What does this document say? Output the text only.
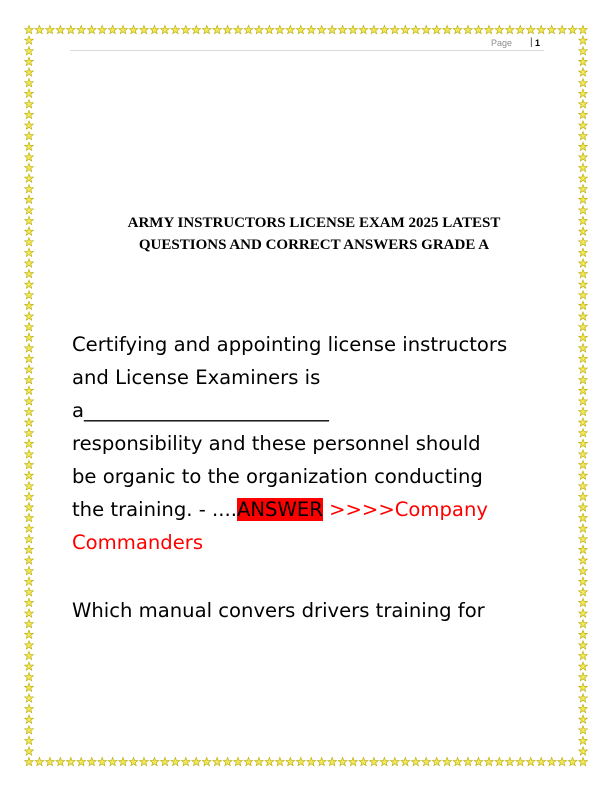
Page | 1
ARMY INSTRUCTORS LICENSE EXAM 2025 LATEST
QUESTIONS AND CORRECT ANSWERS GRADE A
Certifying and appointing license instructors
and License Examiners is
a_________________________
responsibility and these personnel should
be organic to the organization conducting
the training. - ....ANSWER >>>>Company
Commanders
Which manual convers drivers training for
